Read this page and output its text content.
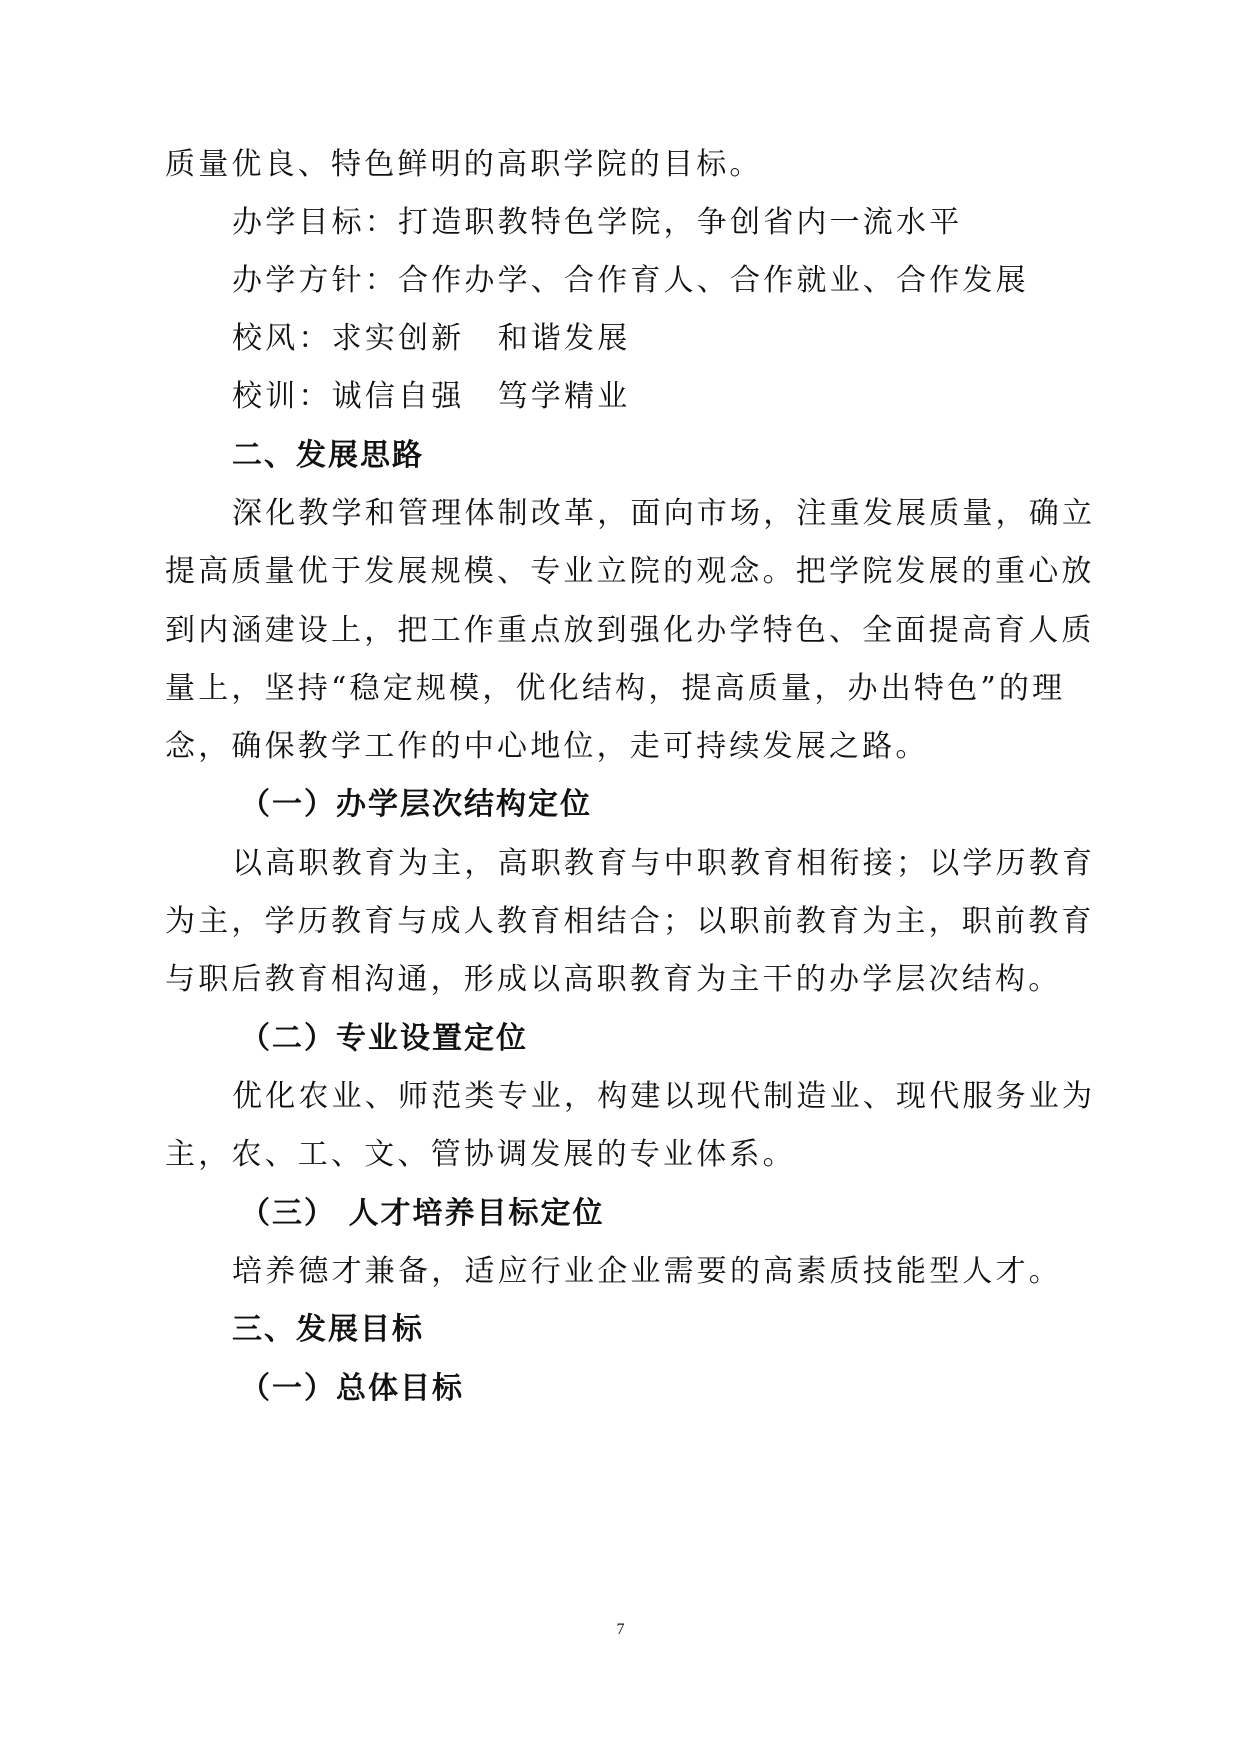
质量优良、特色鲜明的高职学院的目标。
办学目标：打造职教特色学院，争创省内一流水平
办学方针：合作办学、合作育人、合作就业、合作发展
校风：求实创新　和谐发展
校训：诚信自强　笃学精业
二、发展思路
深化教学和管理体制改革，面向市场，注重发展质量，确立
提高质量优于发展规模、专业立院的观念。把学院发展的重心放
到内涵建设上，把工作重点放到强化办学特色、全面提高育人质
量上，坚持“稳定规模，优化结构，提高质量，办出特色”的理
念，确保教学工作的中心地位，走可持续发展之路。
（一）办学层次结构定位
以高职教育为主，高职教育与中职教育相衔接；以学历教育
为主，学历教育与成人教育相结合；以职前教育为主，职前教育
与职后教育相沟通，形成以高职教育为主干的办学层次结构。
（二）专业设置定位
优化农业、师范类专业，构建以现代制造业、现代服务业为
主，农、工、文、管协调发展的专业体系。
（三） 人才培养目标定位
培养德才兼备，适应行业企业需要的高素质技能型人才。
三、发展目标
（一）总体目标
7
